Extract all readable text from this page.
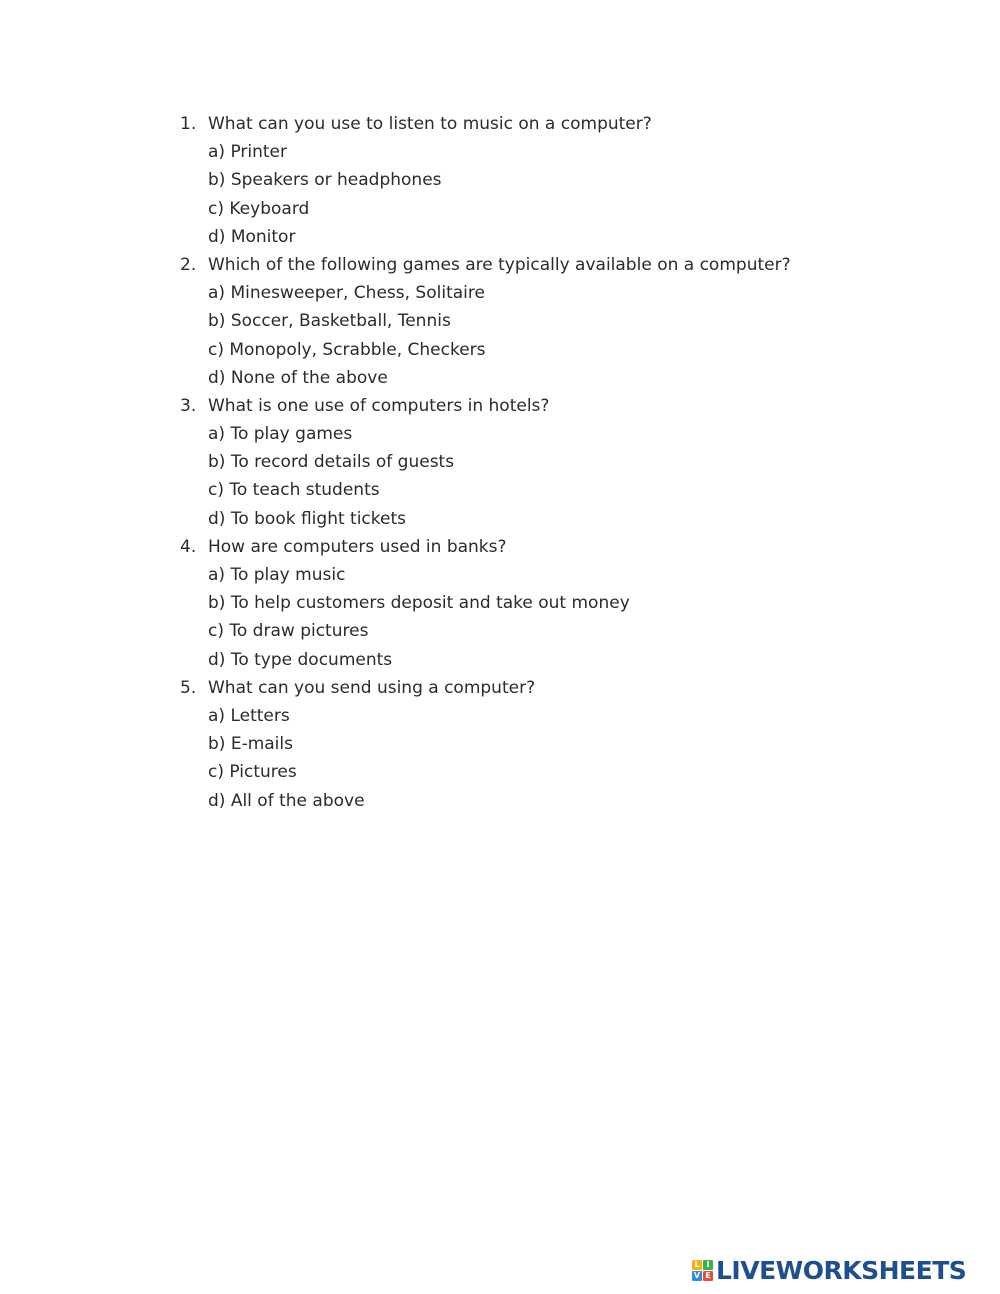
1. What can you use to listen to music on a computer?
a) Printer
b) Speakers or headphones
c) Keyboard
d) Monitor
2. Which of the following games are typically available on a computer?
a) Minesweeper, Chess, Solitaire
b) Soccer, Basketball, Tennis
c) Monopoly, Scrabble, Checkers
d) None of the above
3. What is one use of computers in hotels?
a) To play games
b) To record details of guests
c) To teach students
d) To book flight tickets
4. How are computers used in banks?
a) To play music
b) To help customers deposit and take out money
c) To draw pictures
d) To type documents
5. What can you send using a computer?
a) Letters
b) E-mails
c) Pictures
d) All of the above
L I
V E LIVEWORKSHEETS
